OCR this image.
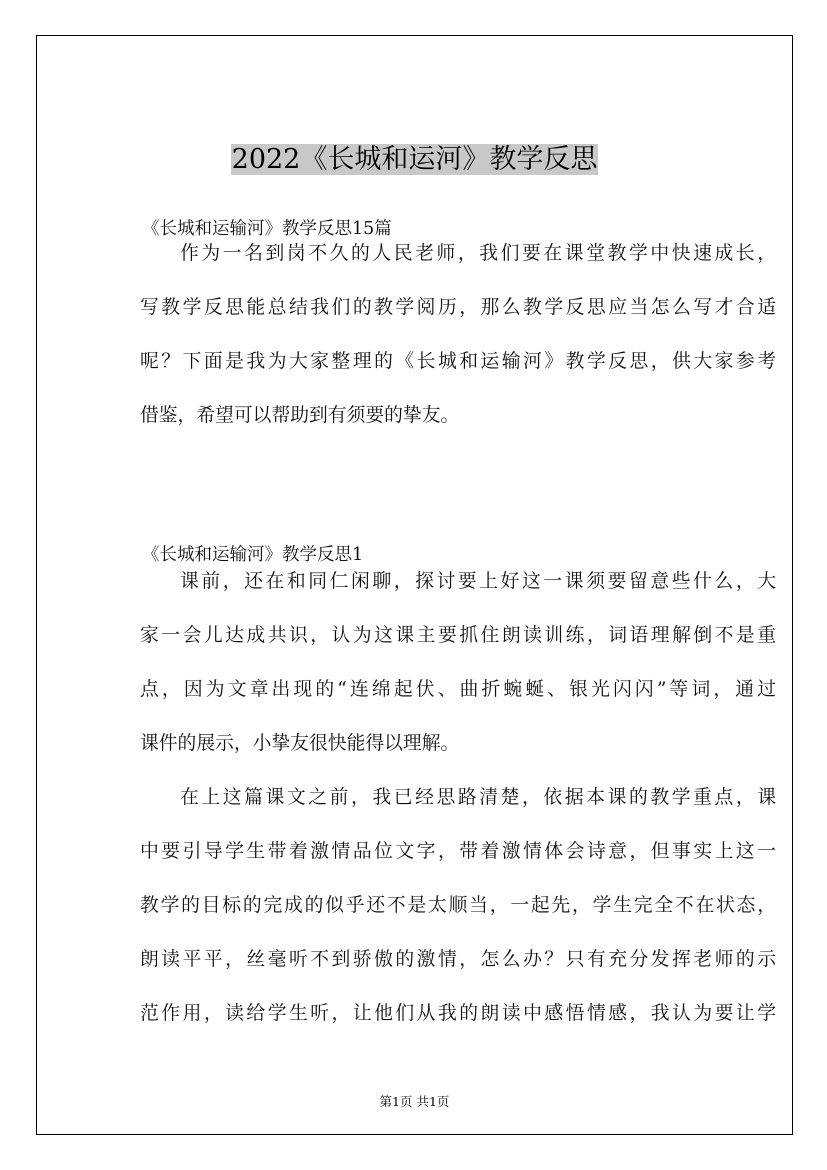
2022《长城和运河》教学反思
《长城和运输河》教学反思15篇
作为一名到岗不久的人民老师，我们要在课堂教学中快速成长，
写教学反思能总结我们的教学阅历，那么教学反思应当怎么写才合适
呢？下面是我为大家整理的《长城和运输河》教学反思，供大家参考
借鉴，希望可以帮助到有须要的挚友。
《长城和运输河》教学反思1
课前，还在和同仁闲聊，探讨要上好这一课须要留意些什么，大
家一会儿达成共识，认为这课主要抓住朗读训练，词语理解倒不是重
点，因为文章出现的“连绵起伏、曲折蜿蜒、银光闪闪”等词，通过
课件的展示，小挚友很快能得以理解。
在上这篇课文之前，我已经思路清楚，依据本课的教学重点，课
中要引导学生带着激情品位文字，带着激情体会诗意，但事实上这一
教学的目标的完成的似乎还不是太顺当，一起先，学生完全不在状态，
朗读平平，丝毫听不到骄傲的激情，怎么办？只有充分发挥老师的示
范作用，读给学生听，让他们从我的朗读中感悟情感，我认为要让学
第1页 共1页
